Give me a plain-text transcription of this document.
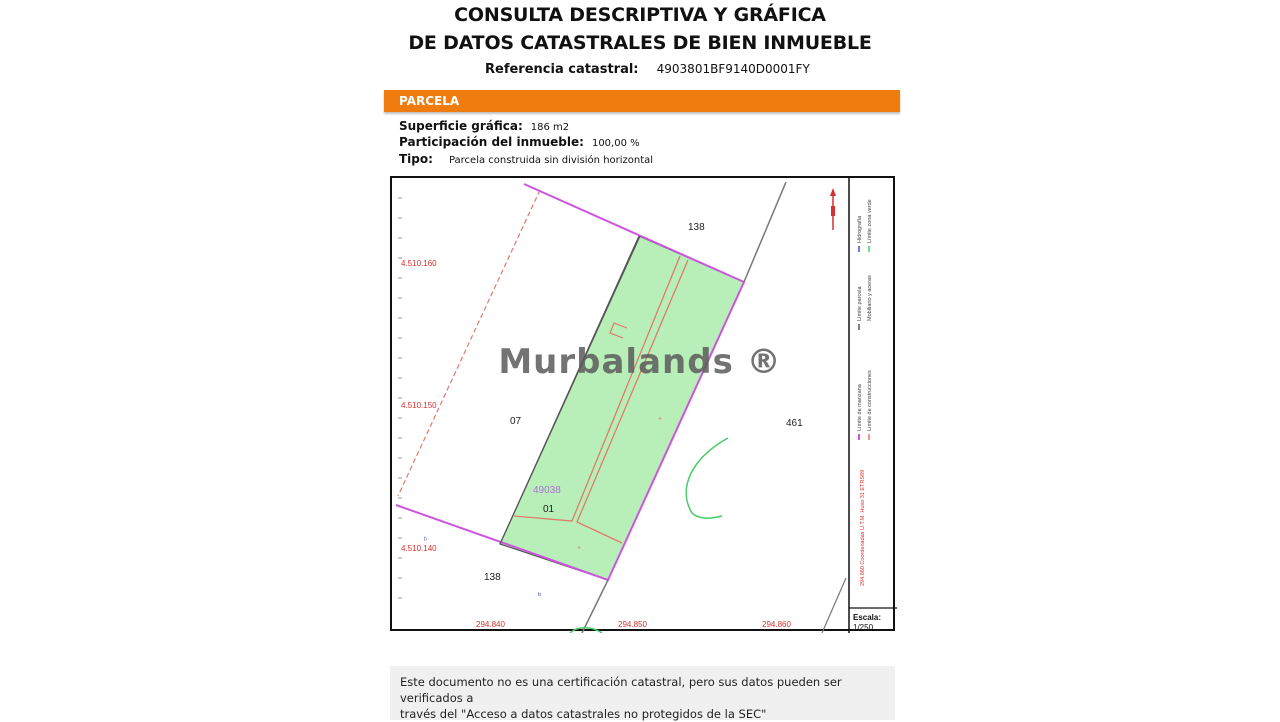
CONSULTA DESCRIPTIVA Y GRÁFICA
DE DATOS CATASTRALES DE BIEN INMUEBLE
Referencia catastral: 4903801BF9140D0001FY
PARCELA
Superficie gráfica: 186 m2
Participación del inmueble: 100,00 %
Tipo: Parcela construida sin división horizontal
ᵇ
ᵇ
+
+
138
07	461
138
49038
01
4.510.160
4.510.150
4.510.140
294.840	294.850	294.860
Límite de manzana Límite de construcciones
Límite parcela Mobiliario y aceras
Hidrografía Límite zona verde
294.860 Coordenadas U.T.M. Huso 31 ETRS89
Escala:
1/250
Murbalands ®
Este documento no es una certificación catastral, pero sus datos pueden ser verificados a
través del "Acceso a datos catastrales no protegidos de la SEC"
